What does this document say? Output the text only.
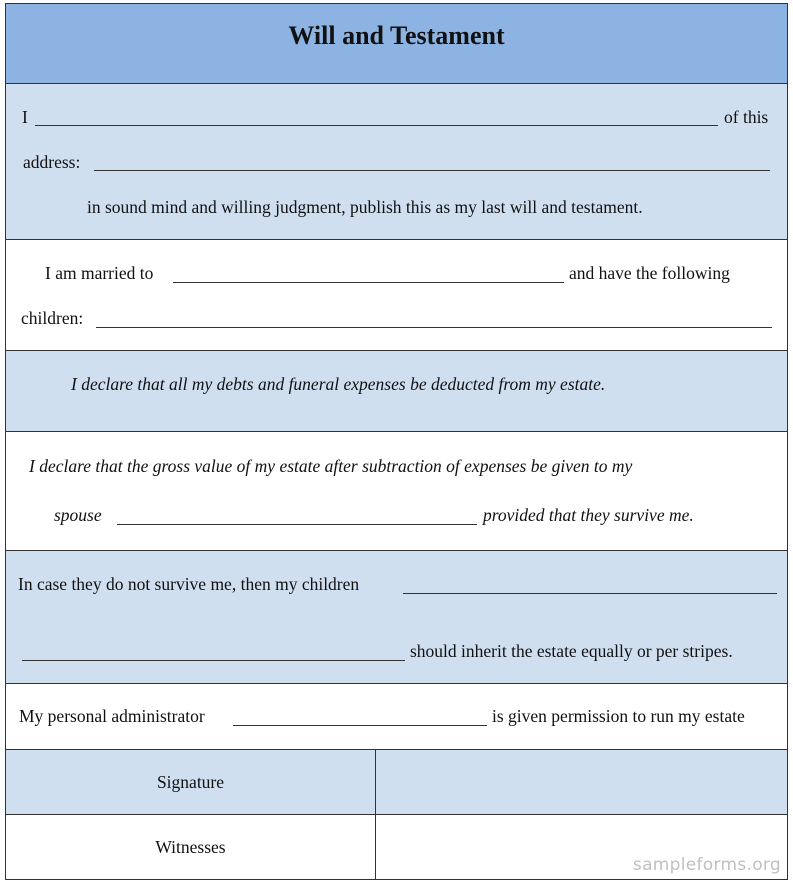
Will and Testament
I	of this
address:
in sound mind and willing judgment, publish this as my last will and testament.
I am married to	and have the following
children:
I declare that all my debts and funeral expenses be deducted from my estate.
I declare that the gross value of my estate after subtraction of expenses be given to my
spouse	provided that they survive me.
In case they do not survive me, then my children
should inherit the estate equally or per stripes.
My personal administrator	is given permission to run my estate
Signature
Witnesses
sampleforms.org
